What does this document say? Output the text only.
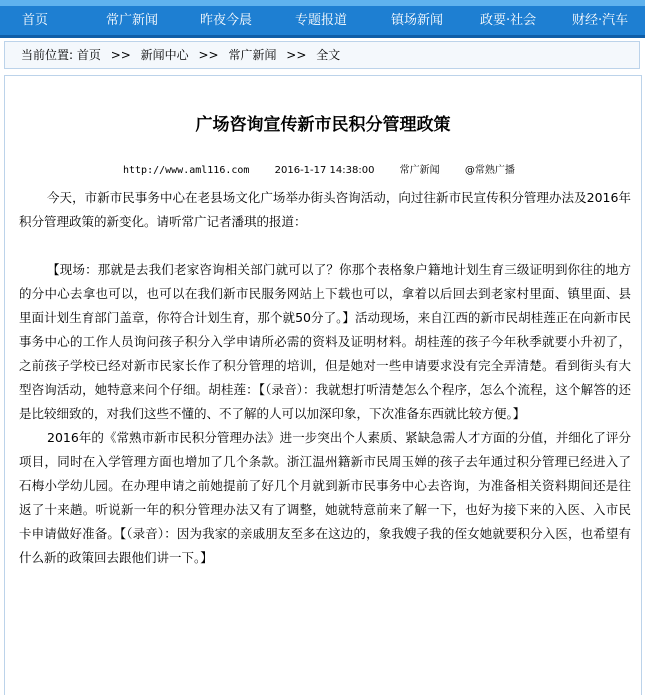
首页	常广新闻	昨夜今晨	专题报道	镇场新闻	政要·社会	财经·汽车
当前位置: 首页 >> 新闻中心 >> 常广新闻 >> 全文
广场咨询宣传新市民积分管理政策
http://www.aml116.com	2016-1-17 14:38:00	常广新闻	@常熟广播

今天，市新市民事务中心在老县场文化广场举办街头咨询活动，向过往新市民宣传积分管理办法及2016年积分管理政策的新变化。请听常广记者潘琪的报道：

【现场：那就是去我们老家咨询相关部门就可以了？你那个表格象户籍地计划生育三级证明到你往的地方的分中心去拿也可以，也可以在我们新市民服务网站上下载也可以，拿着以后回去到老家村里面、镇里面、县里面计划生育部门盖章，你符合计划生育，那个就50分了。】活动现场，来自江西的新市民胡桂莲正在向新市民事务中心的工作人员询问孩子积分入学申请所必需的资料及证明材料。胡桂莲的孩子今年秋季就要小升初了，之前孩子学校已经对新市民家长作了积分管理的培训，但是她对一些申请要求没有完全弄清楚。看到街头有大型咨询活动，她特意来问个仔细。胡桂莲：【（录音）：我就想打听清楚怎么个程序，怎么个流程，这个解答的还是比较细致的，对我们这些不懂的、不了解的人可以加深印象，下次准备东西就比较方便。】

2016年的《常熟市新市民积分管理办法》进一步突出个人素质、紧缺急需人才方面的分值，并细化了评分项目，同时在入学管理方面也增加了几个条款。浙江温州籍新市民周玉婵的孩子去年通过积分管理已经进入了石梅小学幼儿园。在办理申请之前她提前了好几个月就到新市民事务中心去咨询，为准备相关资料期间还是往返了十来趟。听说新一年的积分管理办法又有了调整，她就特意前来了解一下，也好为接下来的入医、入市民卡申请做好准备。【（录音）：因为我家的亲戚朋友至多在这边的，象我嫂子我的侄女她就要积分入医，也希望有什么新的政策回去跟他们讲一下。】
